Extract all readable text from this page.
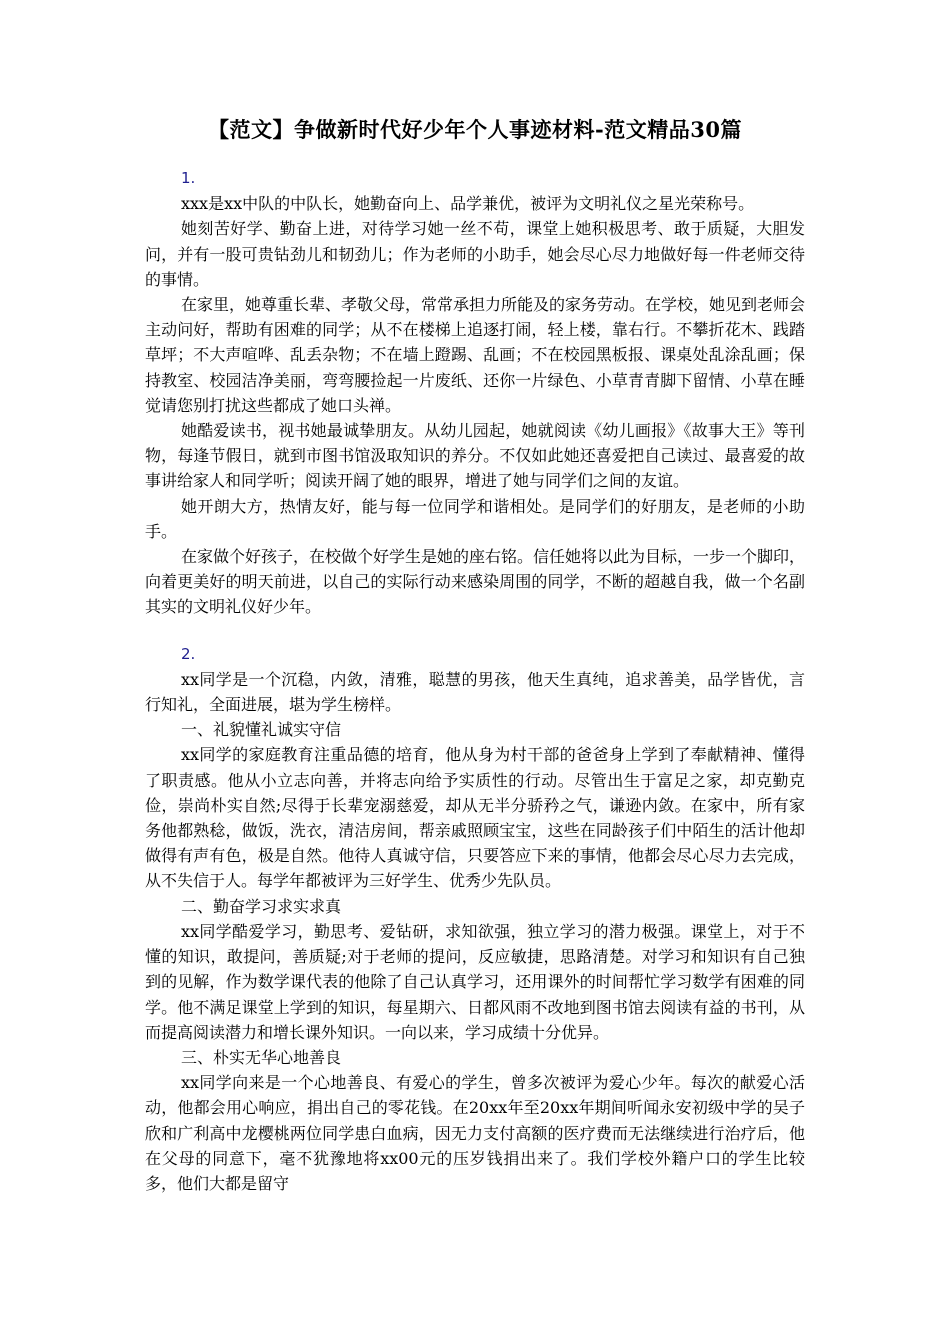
【范文】争做新时代好少年个人事迹材料-范文精品30篇
1.

xxx是xx中队的中队长，她勤奋向上、品学兼优，被评为文明礼仪之星光荣称号。

她刻苦好学、勤奋上进，对待学习她一丝不苟，课堂上她积极思考、敢于质疑，大胆发问，并有一股可贵钻劲儿和韧劲儿；作为老师的小助手，她会尽心尽力地做好每一件老师交待的事情。

在家里，她尊重长辈、孝敬父母，常常承担力所能及的家务劳动。在学校，她见到老师会主动问好，帮助有困难的同学；从不在楼梯上追逐打闹，轻上楼，靠右行。不攀折花木、践踏草坪；不大声喧哗、乱丢杂物；不在墙上蹬踢、乱画；不在校园黑板报、课桌处乱涂乱画；保持教室、校园洁净美丽，弯弯腰捡起一片废纸、还你一片绿色、小草青青脚下留情、小草在睡觉请您别打扰这些都成了她口头禅。

她酷爱读书，视书她最诚挚朋友。从幼儿园起，她就阅读《幼儿画报》《故事大王》等刊物，每逢节假日，就到市图书馆汲取知识的养分。不仅如此她还喜爱把自己读过、最喜爱的故事讲给家人和同学听；阅读开阔了她的眼界，增进了她与同学们之间的友谊。

她开朗大方，热情友好，能与每一位同学和谐相处。是同学们的好朋友，是老师的小助手。

在家做个好孩子，在校做个好学生是她的座右铭。信任她将以此为目标，一步一个脚印，向着更美好的明天前进，以自己的实际行动来感染周围的同学，不断的超越自我，做一个名副其实的文明礼仪好少年。

2.

xx同学是一个沉稳，内敛，清雅，聪慧的男孩，他天生真纯，追求善美，品学皆优，言行知礼，全面进展，堪为学生榜样。

一、礼貌懂礼诚实守信

xx同学的家庭教育注重品德的培育，他从身为村干部的爸爸身上学到了奉献精神、懂得了职责感。他从小立志向善，并将志向给予实质性的行动。尽管出生于富足之家，却克勤克俭，崇尚朴实自然;尽得于长辈宠溺慈爱，却从无半分骄矜之气，谦逊内敛。在家中，所有家务他都熟稔，做饭，洗衣，清洁房间，帮亲戚照顾宝宝，这些在同龄孩子们中陌生的活计他却做得有声有色，极是自然。他待人真诚守信，只要答应下来的事情，他都会尽心尽力去完成，从不失信于人。每学年都被评为三好学生、优秀少先队员。

二、勤奋学习求实求真

xx同学酷爱学习，勤思考、爱钻研，求知欲强，独立学习的潜力极强。课堂上，对于不懂的知识，敢提问，善质疑;对于老师的提问，反应敏捷，思路清楚。对学习和知识有自己独到的见解，作为数学课代表的他除了自己认真学习，还用课外的时间帮忙学习数学有困难的同学。他不满足课堂上学到的知识，每星期六、日都风雨不改地到图书馆去阅读有益的书刊，从而提高阅读潜力和增长课外知识。一向以来，学习成绩十分优异。

三、朴实无华心地善良

xx同学向来是一个心地善良、有爱心的学生，曾多次被评为爱心少年。每次的献爱心活动，他都会用心响应，捐出自己的零花钱。在20xx年至20xx年期间听闻永安初级中学的吴子欣和广利高中龙樱桃两位同学患白血病，因无力支付高额的医疗费而无法继续进行治疗后，他在父母的同意下，毫不犹豫地将xx00元的压岁钱捐出来了。我们学校外籍户口的学生比较多，他们大都是留守
